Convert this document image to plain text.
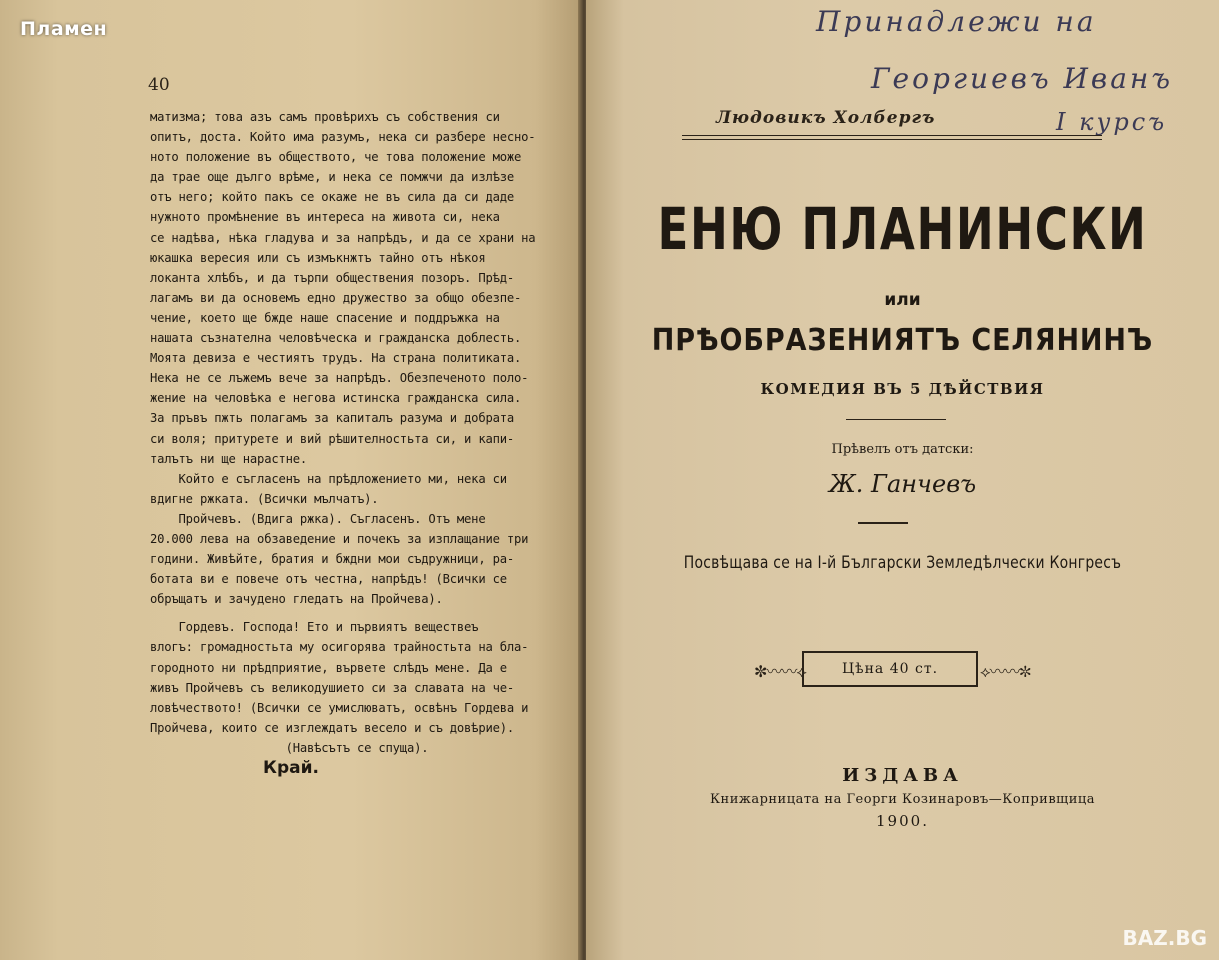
40
матизма; това азъ самъ провѣрихъ съ собствения си
опитъ, доста. Който има разумъ, нека си разбере несно-
ното положение въ обществото, че това положение може
да трае още дълго врѣме, и нека се помжчи да излѣзе
отъ него; който пакъ се окаже не въ сила да си даде
нужното промѣнение въ интереса на живота си, нека
се надѣва, нѣка гладува и за напрѣдъ, и да се храни на
юкашка вересия или съ измъкнжтъ тайно отъ нѣкоя
локанта хлѣбъ, и да търпи обществения позоръ. Прѣд-
лагамъ ви да основемъ едно дружество за общо обезпе-
чение, което ще бжде наше спасение и поддръжка на
нашата съзнателна человѣческа и гражданска доблесть.
Моята девиза е честиятъ трудъ. На страна политиката.
Нека не се лъжемъ вече за напрѣдъ. Обезпеченото поло-
жение на человѣка е негова истинска гражданска сила.
За пръвъ пжть полагамъ за капиталъ разума и добрата
си воля; притурете и вий рѣшителностьта си, и капи-
талътъ ни ще нарастне.
Който е съгласенъ на прѣдложението ми, нека си
вдигне ржката. (Всички мълчатъ).
Пройчевъ. (Вдига ржка). Съгласенъ. Отъ мене
20.000 лева на обзаведение и почекъ за изплащание три
години. Живѣйте, братия и бждни мои съдружници, ра-
ботата ви е повече отъ честна, напрѣдъ! (Всички се
обръщатъ и зачудено гледатъ на Пройчева).

Гордевъ. Господа! Ето и първиятъ веществеъ
влогъ: громадностьта му осигорява трайностьта на бла-
городното ни прѣдприятие, вървете слѣдъ мене. Да е
живъ Пройчевъ съ великодушието си за славата на че-
ловѣчеството! (Всички се умислюватъ, освѣнъ Гордева и
Пройчева, които се изглеждатъ весело и съ довѣрие).
(Навѣсътъ се спуща).
Край.
Принадлежи на
Георгиевъ Иванъ
I курсъ
Людовикъ Холбергъ
ЕНЮ ПЛАНИНСКИ
или
ПРѢОБРАЗЕНИЯТЪ СЕЛЯНИНЪ
КОМЕДИЯ ВЪ 5 ДѢЙСТВИЯ
Прѣвелъ отъ датски:
Ж. Ганчевъ
Посвѣщава се на I-й Български Земледѣлчески Конгресъ
✼〰〰⟡	Цѣна 40 ст.	⟡〰〰✼
ИЗДАВА
Книжарницата на Георги Козинаровъ—Копривщица
1900.
Пламен
BAZ.BG
